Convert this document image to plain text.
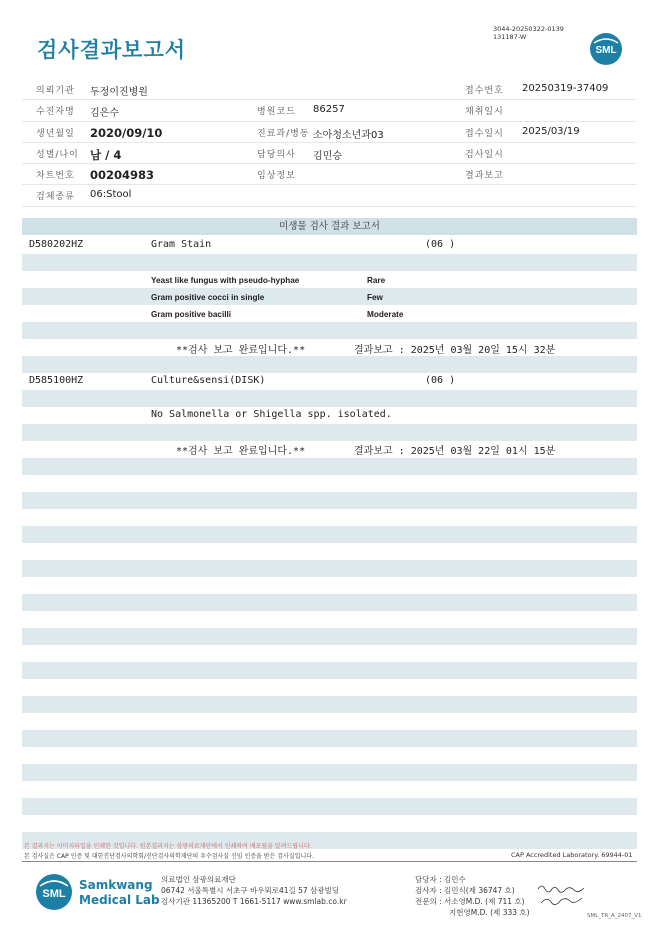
검사결과보고서
3044-20250322-0139
131187-W
SML
의뢰기관 두정이진병원	접수번호 20250319-37409
수진자명 김은수	병원코드 86257	채취일시
생년월일 2020/09/10	진료과/병동 소아청소년과03	접수일시 2025/03/19
성별/나이 남 / 4	담당의사 김민승	검사일시
차트번호 00204983	임상정보	결과보고
검체종류 06:Stool
미생물 검사 결과 보고서
D580202HZ	Gram Stain	(06 )
Yeast like fungus with pseudo-hyphae	Rare
Gram positive cocci in single	Few
Gram positive bacilli	Moderate
**검사 보고 완료입니다.**	결과보고 : 2025년 03월 20일 15시 32분
D585100HZ	Culture&sensi(DISK)	(06 )
No Salmonella or Shigella spp. isolated.
**검사 보고 완료입니다.**	결과보고 : 2025년 03월 22일 01시 15분
본 결과지는 이미지파일을 인쇄한 것입니다. 원본결과지는 삼광의료재단에서 인쇄하여 배포될을 알려드립니다.
본 검사실은 CAP 인증 및 대한진단검사의학회/진단검사의학재단의 우수검사실 신임 인증을 받은 검사실입니다.	CAP Accredited Laboratory. 69944-01
SML
Samkwang
Medical Lab
의료법인 삼광의료재단
06742 서울특별시 서초구 바우뫼로41길 57 삼광빌딩
검사기관 11365200 T 1661-5117 www.smlab.co.kr
담당자 : 김민수
검사자 : 김민식(제 36747 호)
전문의 : 서소영M.D. (제 711 호)
지현영M.D. (제 333 호)	SML_TR_A_2407_V1
